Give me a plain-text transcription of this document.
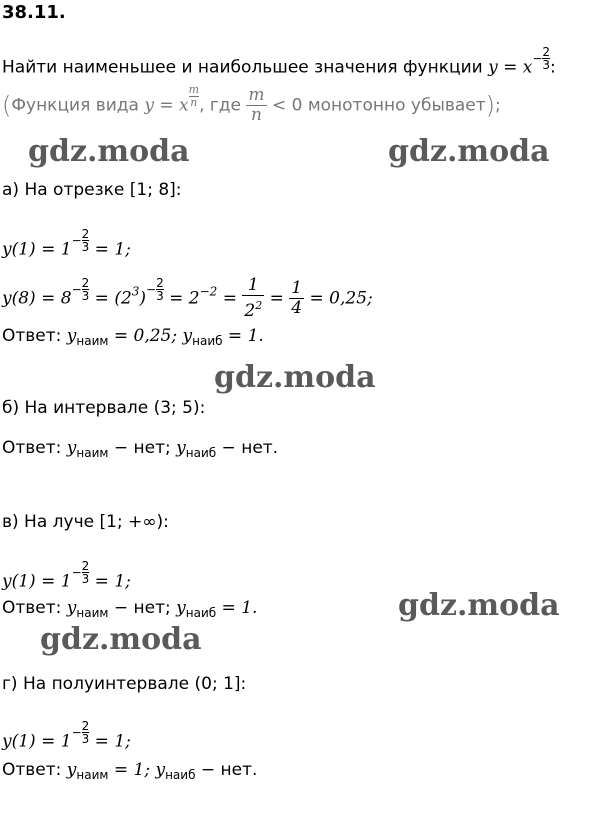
38.11.
Найти наименьшее и наибольшее значения функции $y = x- \frac{2}{3}$ :
(Функция вида y = x $\frac{m}{n}$ , где $\frac{m}{n} < 0$ монотонно убывает);
gdz.moda	gdz.moda
gdz.moda
gdz.moda
gdz.moda
а) На отрезке [1; 8]:
$y(1) = 1- \frac{2}{3} = 1$;
$y(8) = 8- \frac{2}{3} = (2^3)- \frac{2}{3} = 2^{-2} = \frac{1}{2^2} = \frac{1}{4} = 0,25$;
Ответ: $y_{наим} = 0,25$; $y_{наиб} = 1$.
б) На интервале (3; 5):
Ответ: $y_{наим}$ − нет; $y_{наиб}$ − нет.
в) На луче [1; +∞):
$y(1) = 1- \frac{2}{3} = 1$;
Ответ: $y_{наим}$ − нет; $y_{наиб} = 1$.
г) На полуинтервале (0; 1]:
$y(1) = 1- \frac{2}{3} = 1$;
Ответ: $y_{наим} = 1$; $y_{наиб}$ − нет.
